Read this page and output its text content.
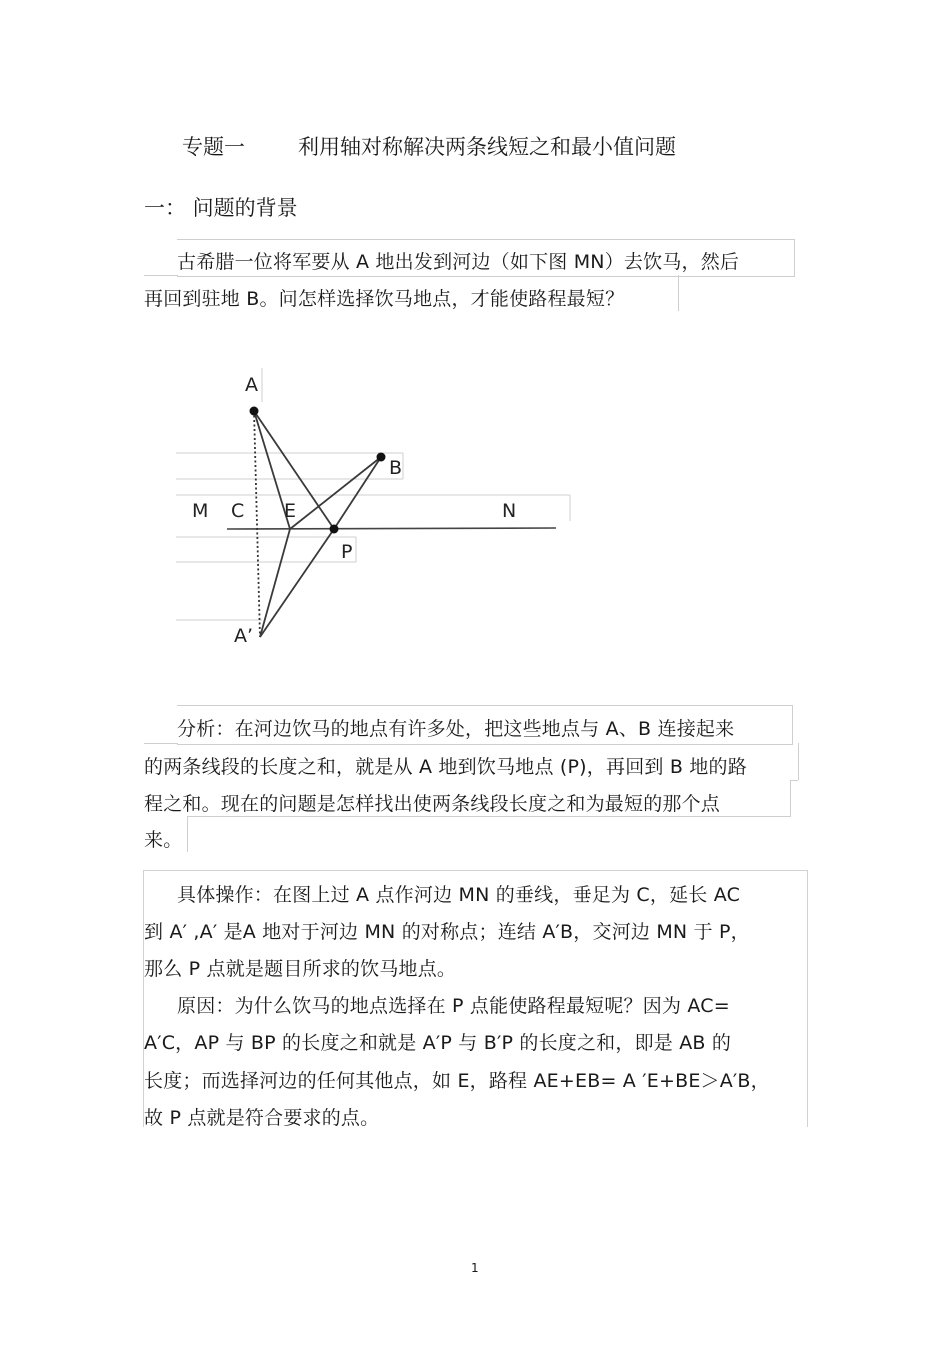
专题一	利用轴对称解决两条线短之和最小值问题
一： 问题的背景
古希腊一位将军要从 A 地出发到河边（如下图 MN）去饮马，然后
再回到驻地 B。问怎样选择饮马地点，才能使路程最短？
A
B
M C E	N
P
A’
分析：在河边饮马的地点有许多处，把这些地点与 A、B 连接起来
的两条线段的长度之和，就是从 A 地到饮马地点 (P)，再回到 B 地的路
程之和。现在的问题是怎样找出使两条线段长度之和为最短的那个点
来。
具体操作：在图上过 A 点作河边 MN 的垂线，垂足为 C，延长 AC
到 A′ ,A′ 是A 地对于河边 MN 的对称点；连结 A′B，交河边 MN 于 P，
那么 P 点就是题目所求的饮马地点。
原因：为什么饮马的地点选择在 P 点能使路程最短呢？因为 AC=
A′C，AP 与 BP 的长度之和就是 A′P 与 B′P 的长度之和，即是 AB 的
长度；而选择河边的任何其他点，如 E，路程 AE+EB= A ′E+BE＞A′B，
故 P 点就是符合要求的点。
1
